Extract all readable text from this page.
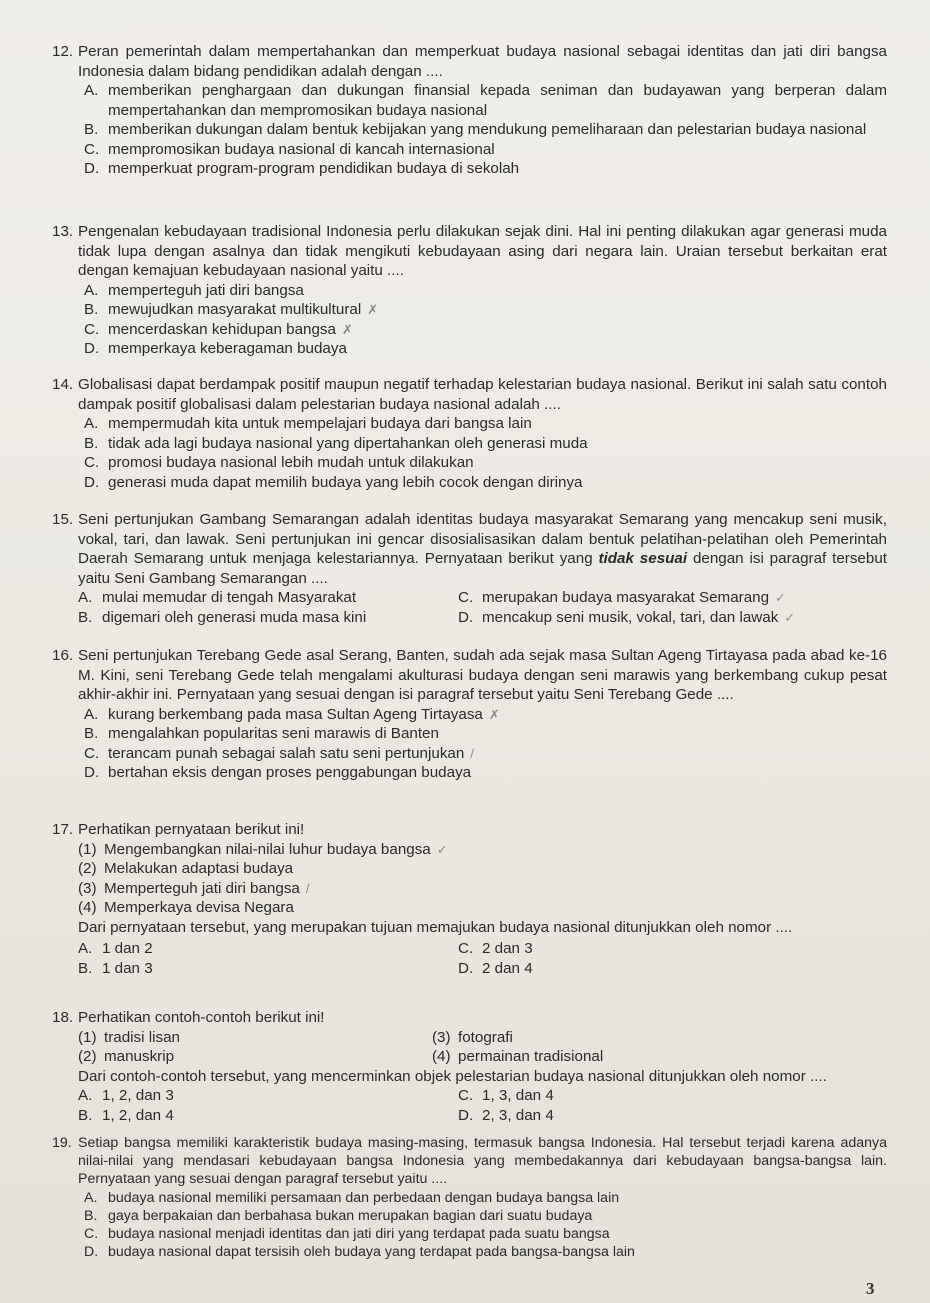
12. Peran pemerintah dalam mempertahankan dan memperkuat budaya nasional sebagai identitas dan jati diri bangsa Indonesia dalam bidang pendidikan adalah dengan ....
A. memberikan penghargaan dan dukungan finansial kepada seniman dan budayawan yang berperan dalam mempertahankan dan mempromosikan budaya nasional
B. memberikan dukungan dalam bentuk kebijakan yang mendukung pemeliharaan dan pelestarian budaya nasional
C. mempromosikan budaya nasional di kancah internasional
D. memperkuat program-program pendidikan budaya di sekolah
13. Pengenalan kebudayaan tradisional Indonesia perlu dilakukan sejak dini. Hal ini penting dilakukan agar generasi muda tidak lupa dengan asalnya dan tidak mengikuti kebudayaan asing dari negara lain. Uraian tersebut berkaitan erat dengan kemajuan kebudayaan nasional yaitu ....
A. memperteguh jati diri bangsa
B. mewujudkan masyarakat multikultural ✗
C. mencerdaskan kehidupan bangsa ✗
D. memperkaya keberagaman budaya
14. Globalisasi dapat berdampak positif maupun negatif terhadap kelestarian budaya nasional. Berikut ini salah satu contoh dampak positif globalisasi dalam pelestarian budaya nasional adalah ....
A. mempermudah kita untuk mempelajari budaya dari bangsa lain
B. tidak ada lagi budaya nasional yang dipertahankan oleh generasi muda
C. promosi budaya nasional lebih mudah untuk dilakukan
D. generasi muda dapat memilih budaya yang lebih cocok dengan dirinya
15. Seni pertunjukan Gambang Semarangan adalah identitas budaya masyarakat Semarang yang mencakup seni musik, vokal, tari, dan lawak. Seni pertunjukan ini gencar disosialisasikan dalam bentuk pelatihan-pelatihan oleh Pemerintah Daerah Semarang untuk menjaga kelestariannya. Pernyataan berikut yang tidak sesuai dengan isi paragraf tersebut yaitu Seni Gambang Semarangan ....
A. mulai memudar di tengah Masyarakat	C. merupakan budaya masyarakat Semarang ✓
B. digemari oleh generasi muda masa kini	D. mencakup seni musik, vokal, tari, dan lawak ✓
16. Seni pertunjukan Terebang Gede asal Serang, Banten, sudah ada sejak masa Sultan Ageng Tirtayasa pada abad ke-16 M. Kini, seni Terebang Gede telah mengalami akulturasi budaya dengan seni marawis yang berkembang cukup pesat akhir-akhir ini. Pernyataan yang sesuai dengan isi paragraf tersebut yaitu Seni Terebang Gede ....
A. kurang berkembang pada masa Sultan Ageng Tirtayasa ✗
B. mengalahkan popularitas seni marawis di Banten
C. terancam punah sebagai salah satu seni pertunjukan /
D. bertahan eksis dengan proses penggabungan budaya
17. Perhatikan pernyataan berikut ini!
(1) Mengembangkan nilai-nilai luhur budaya bangsa ✓
(2) Melakukan adaptasi budaya
(3) Memperteguh jati diri bangsa /
(4) Memperkaya devisa Negara
Dari pernyataan tersebut, yang merupakan tujuan memajukan budaya nasional ditunjukkan oleh nomor ....
A. 1 dan 2	C. 2 dan 3
B. 1 dan 3	D. 2 dan 4
18. Perhatikan contoh-contoh berikut ini!
(1) tradisi lisan	(3) fotografi
(2) manuskrip	(4) permainan tradisional
Dari contoh-contoh tersebut, yang mencerminkan objek pelestarian budaya nasional ditunjukkan oleh nomor ....
A. 1, 2, dan 3	C. 1, 3, dan 4
B. 1, 2, dan 4	D. 2, 3, dan 4
19. Setiap bangsa memiliki karakteristik budaya masing-masing, termasuk bangsa Indonesia. Hal tersebut terjadi karena adanya nilai-nilai yang mendasari kebudayaan bangsa Indonesia yang membedakannya dari kebudayaan bangsa-bangsa lain. Pernyataan yang sesuai dengan paragraf tersebut yaitu ....
A. budaya nasional memiliki persamaan dan perbedaan dengan budaya bangsa lain
B. gaya berpakaian dan berbahasa bukan merupakan bagian dari suatu budaya
C. budaya nasional menjadi identitas dan jati diri yang terdapat pada suatu bangsa
D. budaya nasional dapat tersisih oleh budaya yang terdapat pada bangsa-bangsa lain
3
